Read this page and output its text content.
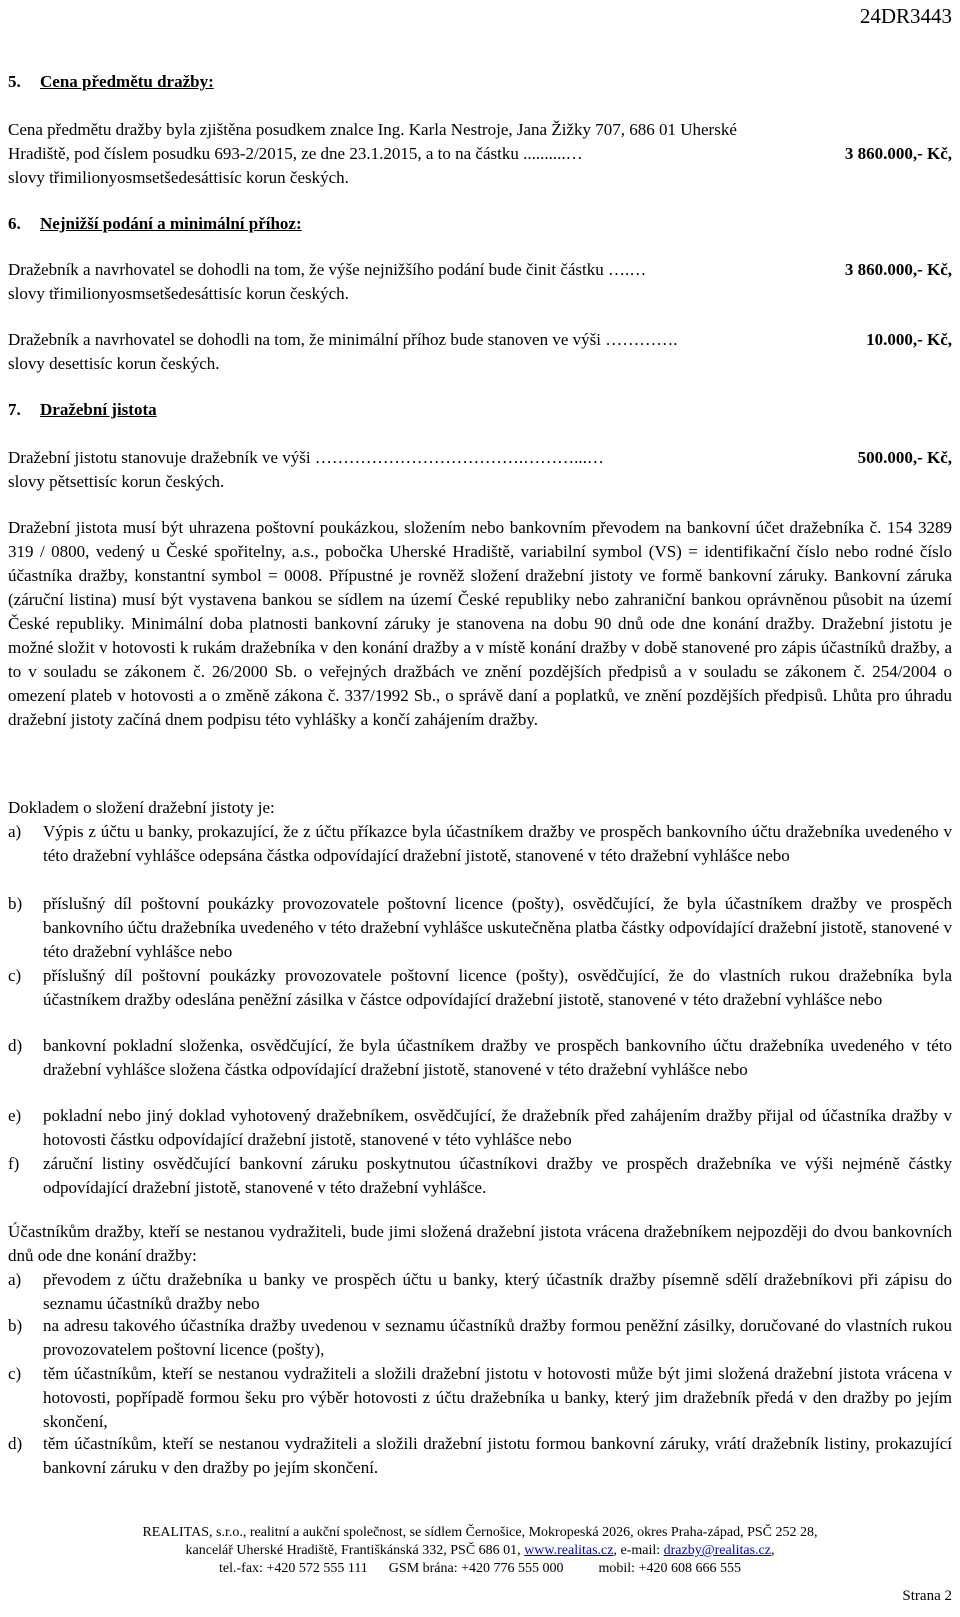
24DR3443
5. Cena předmětu dražby:
Cena předmětu dražby byla zjištěna posudkem znalce Ing. Karla Nestroje, Jana Žižky 707, 686 01 Uherské
Hradiště, pod číslem posudku 693-2/2015, ze dne 23.1.2015, a to na částku ..........…	3 860.000,- Kč,
slovy třimilionyosmsetšedesáttisíc korun českých.
6. Nejnižší podání a minimální příhoz:
Dražebník a navrhovatel se dohodli na tom, že výše nejnižšího podání bude činit částku ….…	3 860.000,- Kč,
slovy třimilionyosmsetšedesáttisíc korun českých.
Dražebník a navrhovatel se dohodli na tom, že minimální příhoz bude stanoven ve výši ………….	10.000,- Kč,
slovy desettisíc korun českých.
7. Dražební jistota
Dražební jistotu stanovuje dražebník ve výši ……………………………….………...…	500.000,- Kč,
slovy pětsettisíc korun českých.
Dražební jistota musí být uhrazena poštovní poukázkou, složením nebo bankovním převodem na bankovní účet dražebníka č. 154 3289 319 / 0800, vedený u České spořitelny, a.s., pobočka Uherské Hradiště, variabilní symbol (VS) = identifikační číslo nebo rodné číslo účastníka dražby, konstantní symbol = 0008. Přípustné je rovněž složení dražební jistoty ve formě bankovní záruky. Bankovní záruka (záruční listina) musí být vystavena bankou se sídlem na území České republiky nebo zahraniční bankou oprávněnou působit na území České republiky. Minimální doba platnosti bankovní záruky je stanovena na dobu 90 dnů ode dne konání dražby. Dražební jistotu je možné složit v hotovosti k rukám dražebníka v den konání dražby a v místě konání dražby v době stanovené pro zápis účastníků dražby, a to v souladu se zákonem č. 26/2000 Sb. o veřejných dražbách ve znění pozdějších předpisů a v souladu se zákonem č. 254/2004 o omezení plateb v hotovosti a o změně zákona č. 337/1992 Sb., o správě daní a poplatků, ve znění pozdějších předpisů. Lhůta pro úhradu dražební jistoty začíná dnem podpisu této vyhlášky a končí zahájením dražby.
Dokladem o složení dražební jistoty je:
a) Výpis z účtu u banky, prokazující, že z účtu příkazce byla účastníkem dražby ve prospěch bankovního účtu dražebníka uvedeného v této dražební vyhlášce odepsána částka odpovídající dražební jistotě, stanovené v této dražební vyhlášce nebo
b) příslušný díl poštovní poukázky provozovatele poštovní licence (pošty), osvědčující, že byla účastníkem dražby ve prospěch bankovního účtu dražebníka uvedeného v této dražební vyhlášce uskutečněna platba částky odpovídající dražební jistotě, stanovené v této dražební vyhlášce nebo
c) příslušný díl poštovní poukázky provozovatele poštovní licence (pošty), osvědčující, že do vlastních rukou dražebníka byla účastníkem dražby odeslána peněžní zásilka v částce odpovídající dražební jistotě, stanovené v této dražební vyhlášce nebo
d) bankovní pokladní složenka, osvědčující, že byla účastníkem dražby ve prospěch bankovního účtu dražebníka uvedeného v této dražební vyhlášce složena částka odpovídající dražební jistotě, stanovené v této dražební vyhlášce nebo
e) pokladní nebo jiný doklad vyhotovený dražebníkem, osvědčující, že dražebník před zahájením dražby přijal od účastníka dražby v hotovosti částku odpovídající dražební jistotě, stanovené v této vyhlášce nebo
f) záruční listiny osvědčující bankovní záruku poskytnutou účastníkovi dražby ve prospěch dražebníka ve výši nejméně částky odpovídající dražební jistotě, stanovené v této dražební vyhlášce.
Účastníkům dražby, kteří se nestanou vydražiteli, bude jimi složená dražební jistota vrácena dražebníkem nejpozději do dvou bankovních dnů ode dne konání dražby:
a) převodem z účtu dražebníka u banky ve prospěch účtu u banky, který účastník dražby písemně sdělí dražebníkovi při zápisu do seznamu účastníků dražby nebo
b) na adresu takového účastníka dražby uvedenou v seznamu účastníků dražby formou peněžní zásilky, doručované do vlastních rukou provozovatelem poštovní licence (pošty),
c) těm účastníkům, kteří se nestanou vydražiteli a složili dražební jistotu v hotovosti může být jimi složená dražební jistota vrácena v hotovosti, popřípadě formou šeku pro výběr hotovosti z účtu dražebníka u banky, který jim dražebník předá v den dražby po jejím skončení,
d) těm účastníkům, kteří se nestanou vydražiteli a složili dražební jistotu formou bankovní záruky, vrátí dražebník listiny, prokazující bankovní záruku v den dražby po jejím skončení.
REALITAS, s.r.o., realitní a aukční společnost, se sídlem Černošice, Mokropeská 2026, okres Praha-západ, PSČ 252 28,
kancelář Uherské Hradiště, Františkánská 332, PSČ 686 01, www.realitas.cz, e-mail: drazby@realitas.cz,
tel.-fax: +420 572 555 111      GSM brána: +420 776 555 000          mobil: +420 608 666 555
Strana 2
